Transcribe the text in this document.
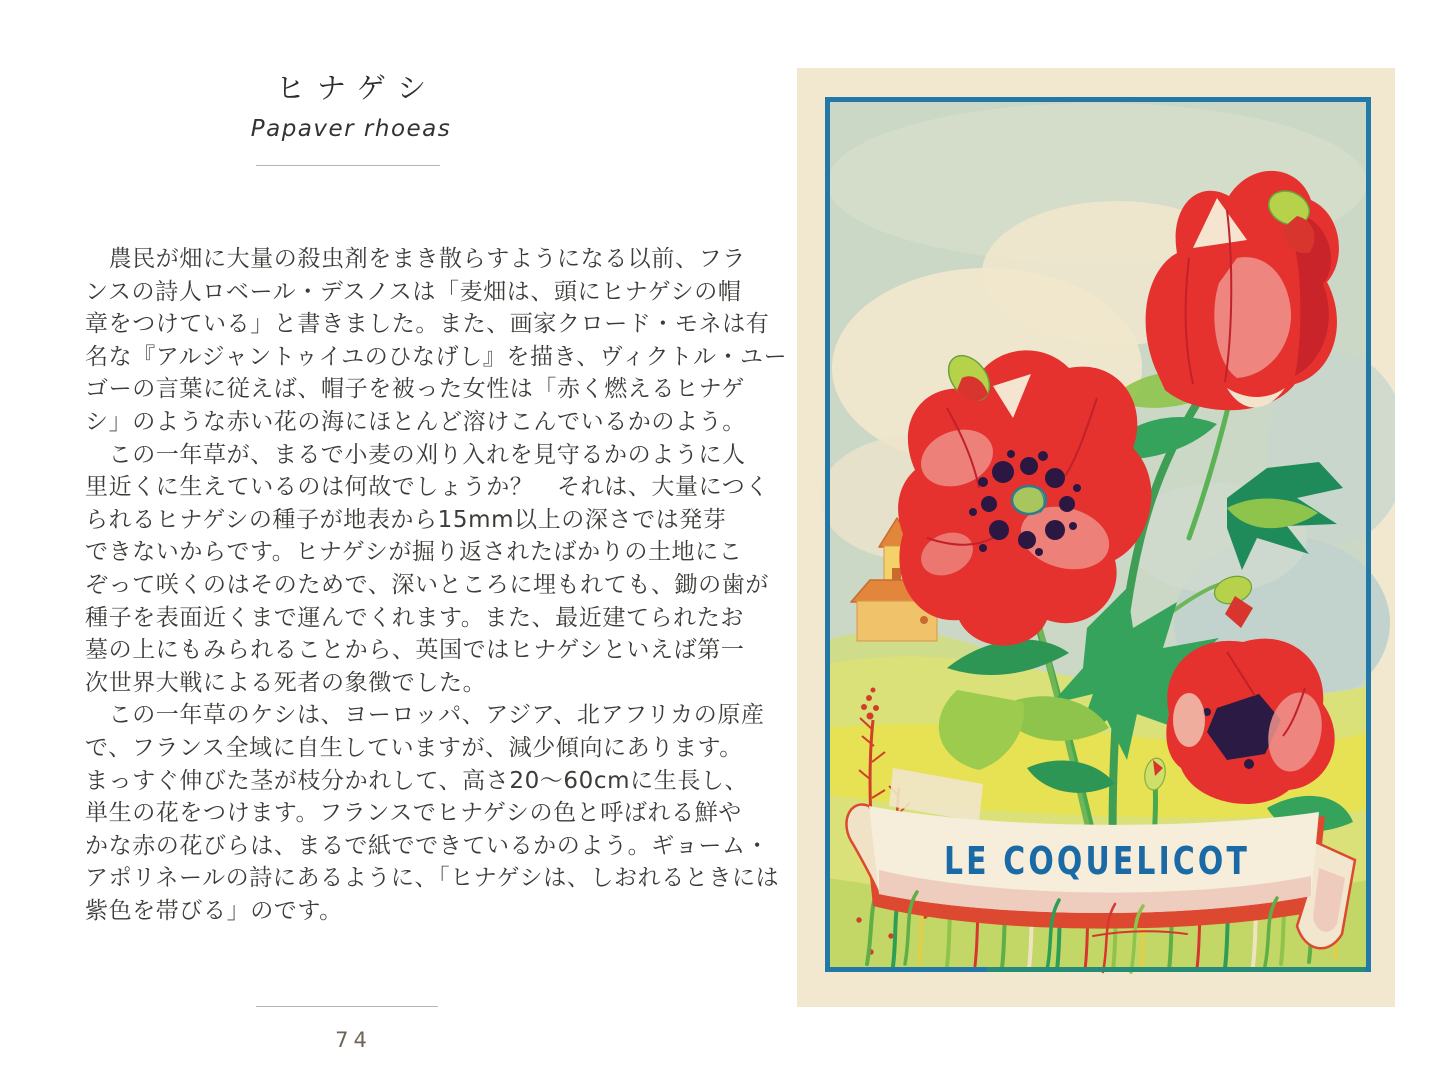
ヒナゲシ
Papaver rhoeas
　農民が畑に大量の殺虫剤をまき散らすようになる以前、フラ
ンスの詩人ロベール・デスノスは「麦畑は、頭にヒナゲシの帽
章をつけている」と書きました。また、画家クロード・モネは有
名な『アルジャントゥイユのひなげし』を描き、ヴィクトル・ユー
ゴーの言葉に従えば、帽子を被った女性は「赤く燃えるヒナゲ
シ」のような赤い花の海にほとんど溶けこんでいるかのよう。
　この一年草が、まるで小麦の刈り入れを見守るかのように人
里近くに生えているのは何故でしょうか？　それは、大量につく
られるヒナゲシの種子が地表から15mm以上の深さでは発芽
できないからです。ヒナゲシが掘り返されたばかりの土地にこ
ぞって咲くのはそのためで、深いところに埋もれても、鋤の歯が
種子を表面近くまで運んでくれます。また、最近建てられたお
墓の上にもみられることから、英国ではヒナゲシといえば第一
次世界大戦による死者の象徴でした。
　この一年草のケシは、ヨーロッパ、アジア、北アフリカの原産
で、フランス全域に自生していますが、減少傾向にあります。
まっすぐ伸びた茎が枝分かれして、高さ20〜60cmに生長し、
単生の花をつけます。フランスでヒナゲシの色と呼ばれる鮮や
かな赤の花びらは、まるで紙でできているかのよう。ギョーム・
アポリネールの詩にあるように、「ヒナゲシは、しおれるときには
紫色を帯びる」のです。
74
LE COQUELICOT
